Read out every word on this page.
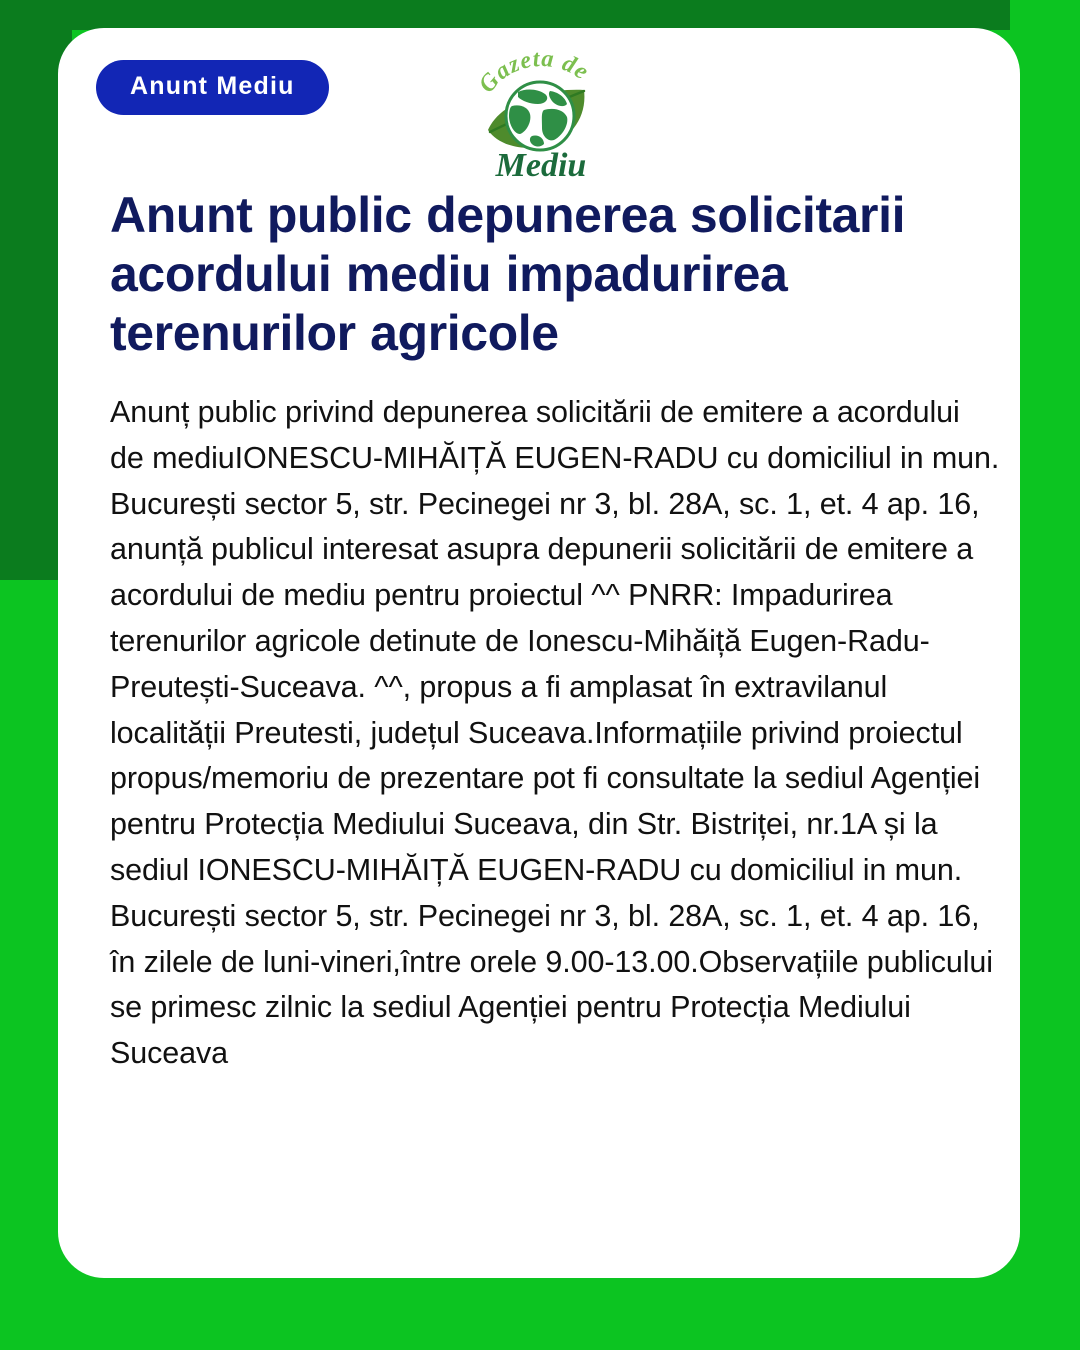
Anunt Mediu	Gazeta de
Mediu
Anunt public depunerea solicitarii acordului mediu impadurirea terenurilor agricole

Anunț public privind depunerea solicitării de emitere a acordului de mediuIONESCU-MIHĂIȚĂ EUGEN-RADU cu domiciliul in mun. București sector 5, str. Pecinegei nr 3, bl. 28A, sc. 1, et. 4 ap. 16, anunță publicul interesat asupra depunerii solicitării de emitere a acordului de mediu pentru proiectul ^^ PNRR: Impadurirea terenurilor agricole detinute de Ionescu-Mihăiță Eugen-Radu-Preutești-Suceava. ^^, propus a fi amplasat în extravilanul localității Preutesti, județul Suceava.Informațiile privind proiectul propus/memoriu de prezentare pot fi consultate la sediul Agenției pentru Protecția Mediului Suceava, din Str. Bistriței, nr.1A și la sediul IONESCU-MIHĂIȚĂ EUGEN-RADU cu domiciliul in mun. București sector 5, str. Pecinegei nr 3, bl. 28A, sc. 1, et. 4 ap. 16, în zilele de luni-vineri,între orele 9.00-13.00.Observațiile publicului se primesc zilnic la sediul Agenției pentru Protecția Mediului Suceava
